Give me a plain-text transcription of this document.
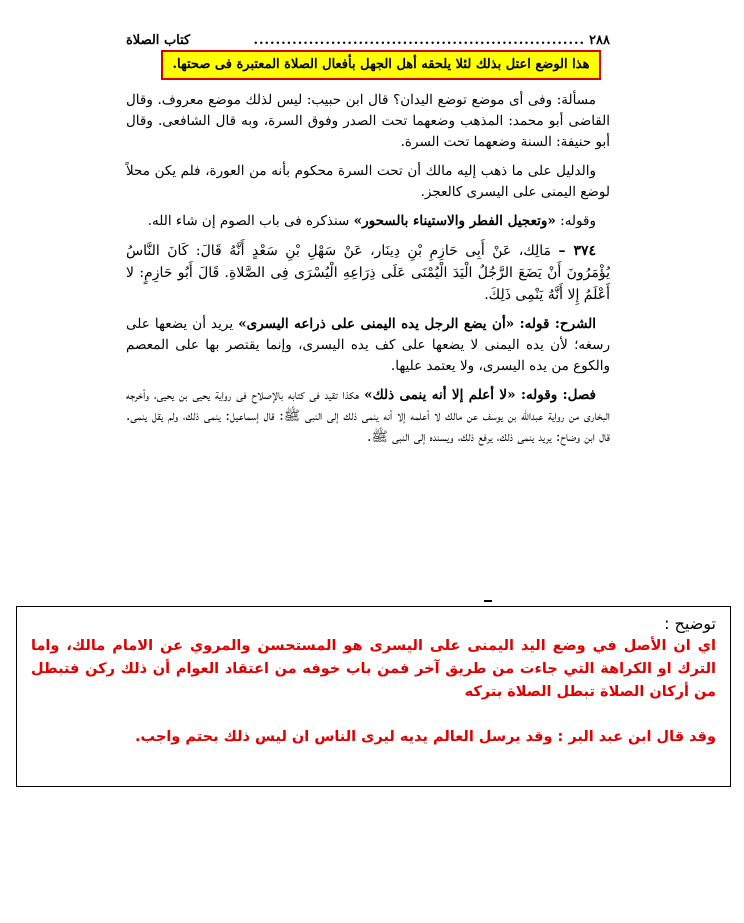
٢٨٨
............................................................
كتاب الصلاة
هذا الوضع اعتل بذلك لئلا يلحقه أهل الجهل بأفعال الصلاة المعتبرة فى صحتها.

مسألة: وفى أى موضع توضع اليدان؟ قال ابن حبيب: ليس لذلك موضع معروف. وقال القاضى أبو محمد: المذهب وضعهما تحت الصدر وفوق السرة، وبه قال الشافعى. وقال أبو حنيفة: السنة وضعهما تحت السرة.

والدليل على ما ذهب إليه مالك أن تحت السرة محكوم بأنه من العورة، فلم يكن محلاً لوضع اليمنى على اليسرى كالعجز.

وقوله: «وتعجيل الفطر والاستيناء بالسحور» سنذكره فى باب الصوم إن شاء الله.

٣٧٤ – مَالِك، عَنْ أَبِى حَازِمِ بْنِ دِينَار، عَنْ سَهْلِ بْنِ سَعْدٍ أَنَّهُ قَالَ: كَانَ النَّاسُ يُؤْمَرُونَ أَنْ يَضَعَ الرَّجُلُ الْيَدَ الْيُمْنَى عَلَى ذِرَاعِهِ الْيُسْرَى فِى الصَّلاةِ. قَالَ أَبُو حَازِمٍ: لا أَعْلَمُ إِلا أَنَّهُ يَنْمِى ذَلِكَ.

الشرح: قوله: «أن يضع الرجل يده اليمنى على ذراعه اليسرى» يريد أن يضعها على رسغه؛ لأن يده اليمنى لا يضعها على كف يده اليسرى، وإنما يقتصر بها على المعصم والكوع من يده اليسرى، ولا يعتمد عليها.

فصل: وقوله: «لا أعلم إلا أنه ينمى ذلك» هكذا تقيد فى كتابه بالإصلاح فى رواية يحيى بن يحيى، وأخرجه البخارى من رواية عبدالله بن يوسف عن مالك لا أعلمه إلا أنه ينمى ذلك إلى النبى ﷺ: قال إسماعيل: ينمى ذلك، ولم يقل ينمى. قال ابن وضاح: يريد ينمى ذلك، يرفع ذلك، ويسنده إلى النبى ﷺ.

توضيح :
اي ان الأصل في وضع اليد اليمنى على اليسرى هو المستحسن والمروي عن الامام مالك، واما الترك او الكراهة التي جاءت من طريق آخر فمن باب خوفه من اعتقاد العوام أن ذلك ركن فتبطل من أركان الصلاة تبطل الصلاة بتركه
وقد قال ابن عبد البر : وقد يرسل العالم يديه ليرى الناس ان ليس ذلك بحتم واجب.
